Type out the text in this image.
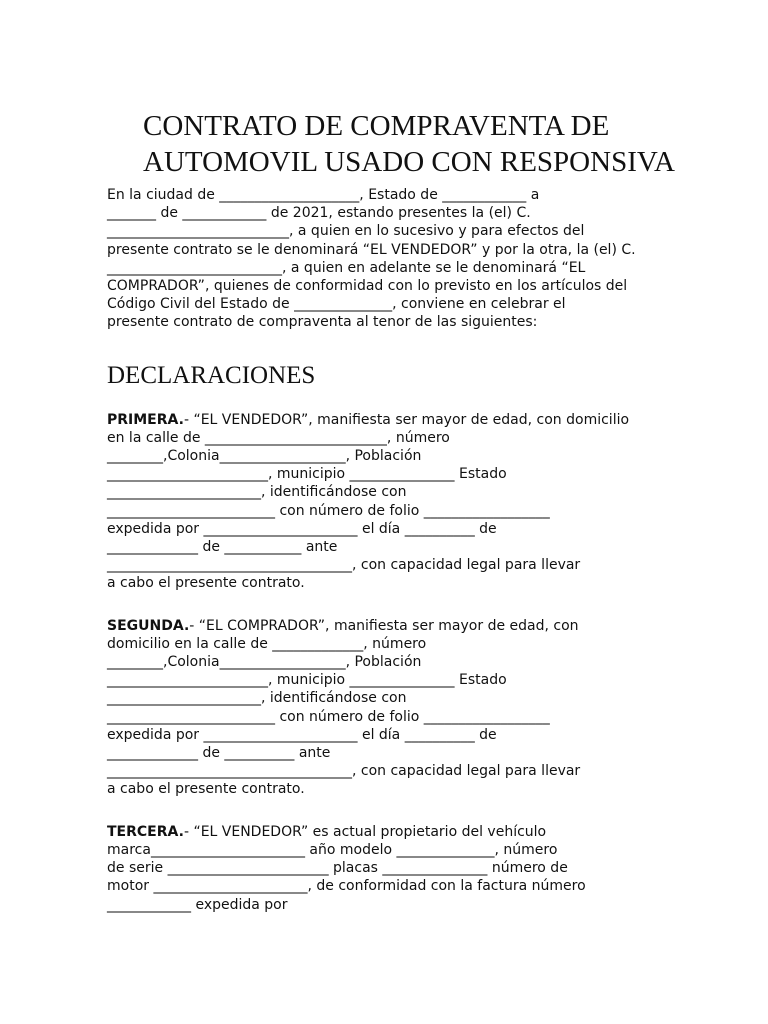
CONTRATO DE COMPRAVENTA DE
AUTOMOVIL USADO CON RESPONSIVA

En la ciudad de ____________________, Estado de ____________ a
_______ de ____________ de 2021, estando presentes la (el) C.
__________________________, a quien en lo sucesivo y para efectos del
presente contrato se le denominará “EL VENDEDOR” y por la otra, la (el) C.
_________________________, a quien en adelante se le denominará “EL
COMPRADOR”, quienes de conformidad con lo previsto en los artículos del
Código Civil del Estado de ______________, conviene en celebrar el
presente contrato de compraventa al tenor de las siguientes:

DECLARACIONES

PRIMERA.- “EL VENDEDOR”, manifiesta ser mayor de edad, con domicilio
en la calle de __________________________, número
________,Colonia__________________, Población
_______________________, municipio _______________ Estado
______________________, identificándose con
________________________ con número de folio __________________
expedida por ______________________ el día __________ de
_____________ de ___________ ante
___________________________________, con capacidad legal para llevar
a cabo el presente contrato.

SEGUNDA.- “EL COMPRADOR”, manifiesta ser mayor de edad, con
domicilio en la calle de _____________, número
________,Colonia__________________, Población
_______________________, municipio _______________ Estado
______________________, identificándose con
________________________ con número de folio __________________
expedida por ______________________ el día __________ de
_____________ de __________ ante
___________________________________, con capacidad legal para llevar
a cabo el presente contrato.

TERCERA.- “EL VENDEDOR” es actual propietario del vehículo
marca______________________ año modelo ______________, número
de serie _______________________ placas _______________ número de
motor ______________________, de conformidad con la factura número
____________ expedida por
